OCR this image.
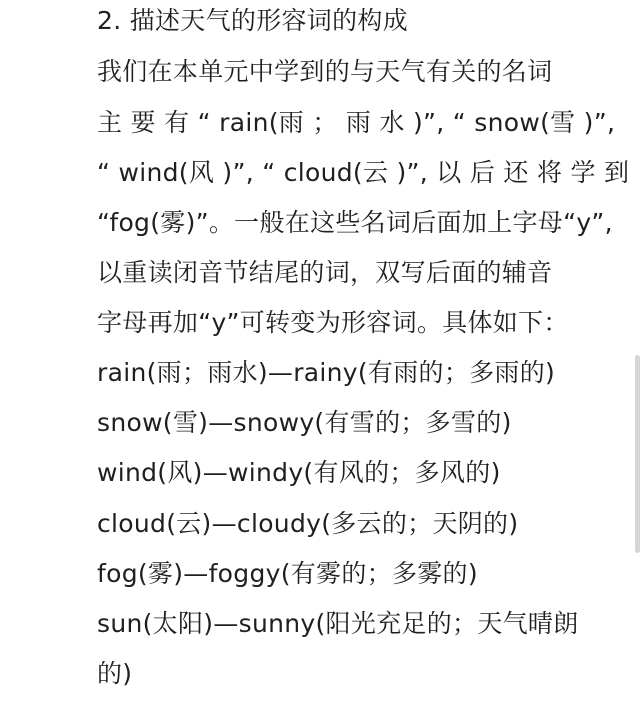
2. 描述天气的形容词的构成
我们在本单元中学到的与天气有关的名词
主 要 有 “ rain(雨 ； 雨 水 )”, “ snow(雪 )”,
“ wind(风 )”, “ cloud(云 )”, 以 后 还 将 学 到
“fog(雾)”。一般在这些名词后面加上字母“y”,
以重读闭音节结尾的词，双写后面的辅音
字母再加“y”可转变为形容词。具体如下：
rain(雨；雨水)—rainy(有雨的；多雨的)
snow(雪)—snowy(有雪的；多雪的)
wind(风)—windy(有风的；多风的)
cloud(云)—cloudy(多云的；天阴的)
fog(雾)—foggy(有雾的；多雾的)
sun(太阳)—sunny(阳光充足的；天气晴朗
的)
